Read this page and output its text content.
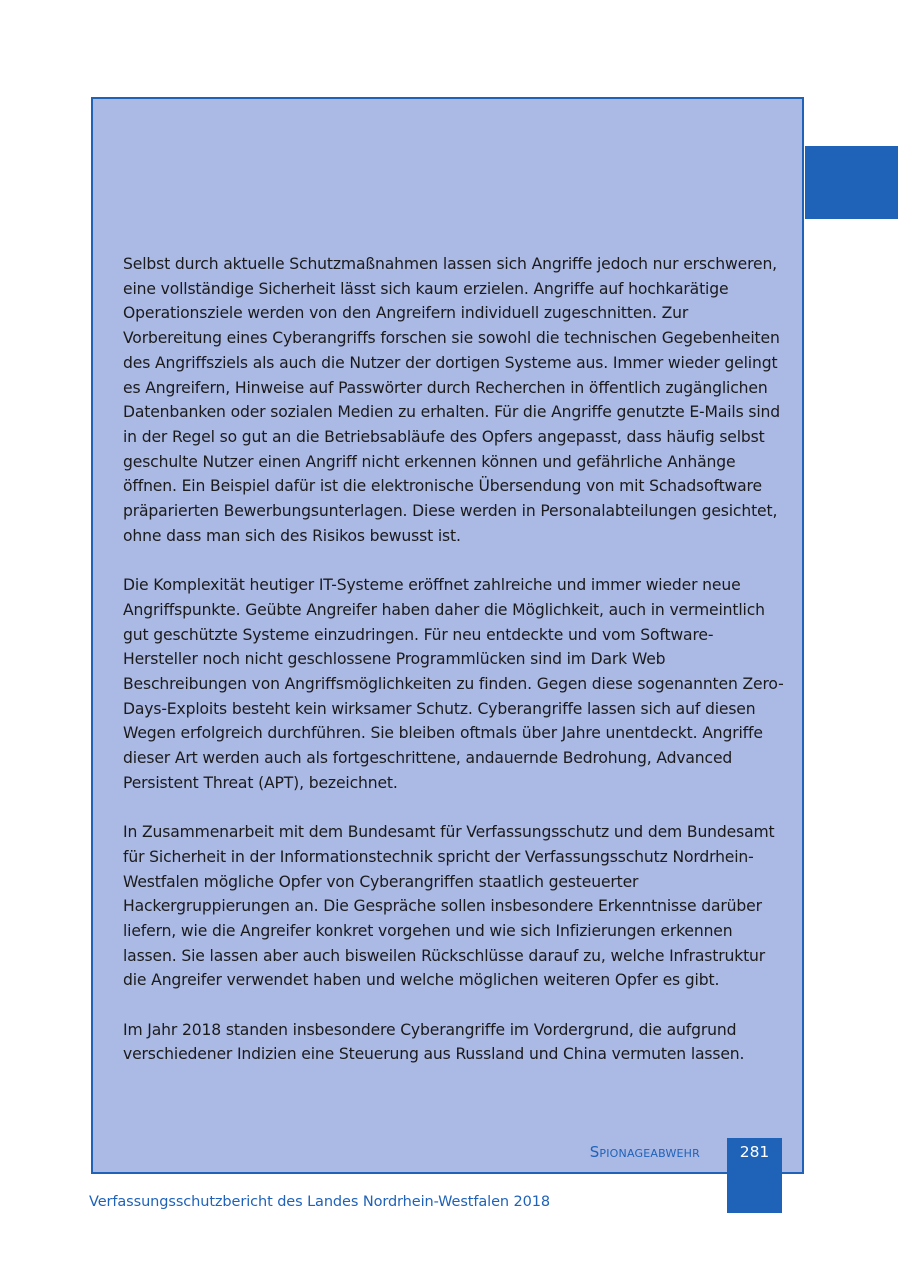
Selbst durch aktuelle Schutzmaßnahmen lassen sich Angriffe jedoch nur erschweren, eine vollständige Sicherheit lässt sich kaum erzielen. Angriffe auf hochkarätige Operationsziele werden von den Angreifern individuell zugeschnitten. Zur Vorbereitung eines Cyberangriffs forschen sie sowohl die technischen Gegebenheiten des Angriffsziels als auch die Nutzer der dortigen Systeme aus. Immer wieder gelingt es Angreifern, Hinweise auf Passwörter durch Recherchen in öffentlich zugänglichen Datenbanken oder sozialen Medien zu erhalten. Für die Angriffe genutzte E-Mails sind in der Regel so gut an die Betriebsabläufe des Opfers angepasst, dass häufig selbst geschulte Nutzer einen Angriff nicht erkennen können und gefährliche Anhänge öffnen. Ein Beispiel dafür ist die elektronische Übersendung von mit Schadsoftware präparierten Bewerbungsunterlagen. Diese werden in Personalabteilungen gesichtet, ohne dass man sich des Risikos bewusst ist.

Die Komplexität heutiger IT-Systeme eröffnet zahlreiche und immer wieder neue Angriffspunkte. Geübte Angreifer haben daher die Möglichkeit, auch in vermeintlich gut geschützte Systeme einzudringen. Für neu entdeckte und vom Software-Hersteller noch nicht geschlossene Programmlücken sind im Dark Web Beschreibungen von Angriffsmöglichkeiten zu finden. Gegen diese sogenannten Zero-Days-Exploits besteht kein wirksamer Schutz. Cyberangriffe lassen sich auf diesen Wegen erfolgreich durchführen. Sie bleiben oftmals über Jahre unentdeckt. Angriffe dieser Art werden auch als fortgeschrittene, andauernde Bedrohung, Advanced Persistent Threat (APT), bezeichnet.

In Zusammenarbeit mit dem Bundesamt für Verfassungsschutz und dem Bundesamt für Sicherheit in der Informationstechnik spricht der Verfassungsschutz Nordrhein-Westfalen mögliche Opfer von Cyberangriffen staatlich gesteuerter Hackergruppierungen an. Die Gespräche sollen insbesondere Erkenntnisse darüber liefern, wie die Angreifer konkret vorgehen und wie sich Infizierungen erkennen lassen. Sie lassen aber auch bisweilen Rückschlüsse darauf zu, welche Infrastruktur die Angreifer verwendet haben und welche möglichen weiteren Opfer es gibt.

Im Jahr 2018 standen insbesondere Cyberangriffe im Vordergrund, die aufgrund verschiedener Indizien eine Steuerung aus Russland und China vermuten lassen.

Spionageabwehr	281
Verfassungsschutzbericht des Landes Nordrhein-Westfalen 2018
